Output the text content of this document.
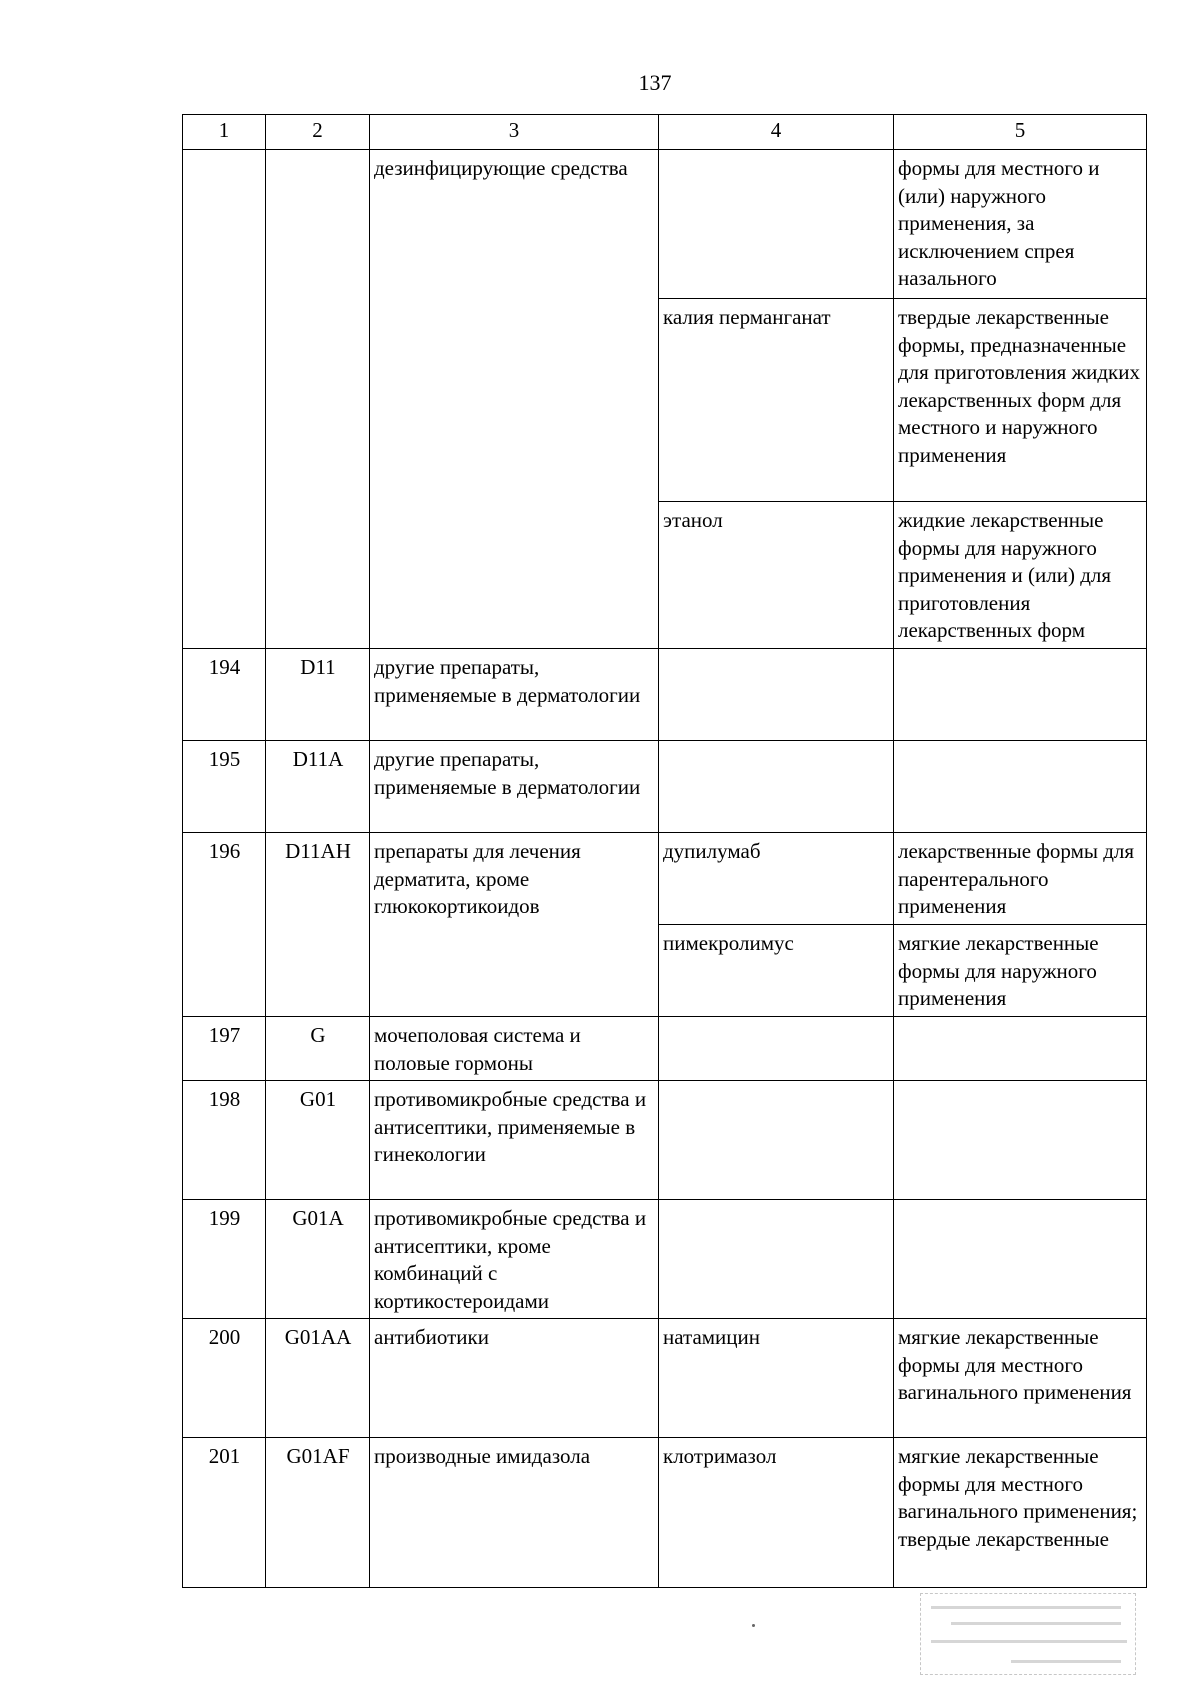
137
1	2	3	4	5
		дезинфицирующие средства		формы для местного и (или) наружного применения, за исключением спрея назального
			калия перманганат	твердые лекарственные формы, предназначенные для приготовления жидких лекарственных форм для местного и наружного применения
			этанол	жидкие лекарственные формы для наружного применения и (или) для приготовления лекарственных форм
194	D11	другие препараты, применяемые в дерматологии		
195	D11A	другие препараты, применяемые в дерматологии		
196	D11AH	препараты для лечения дерматита, кроме глюкокортикоидов	дупилумаб	лекарственные формы для парентерального применения
			пимекролимус	мягкие лекарственные формы для наружного применения
197	G	мочеполовая система и половые гормоны		
198	G01	противомикробные средства и антисептики, применяемые в гинекологии		
199	G01A	противомикробные средства и антисептики, кроме комбинаций с кортикостероидами		
200	G01AA	антибиотики	натамицин	мягкие лекарственные формы для местного вагинального применения
201	G01AF	производные имидазола	клотримазол	мягкие лекарственные формы для местного вагинального применения; твердые лекарственные
